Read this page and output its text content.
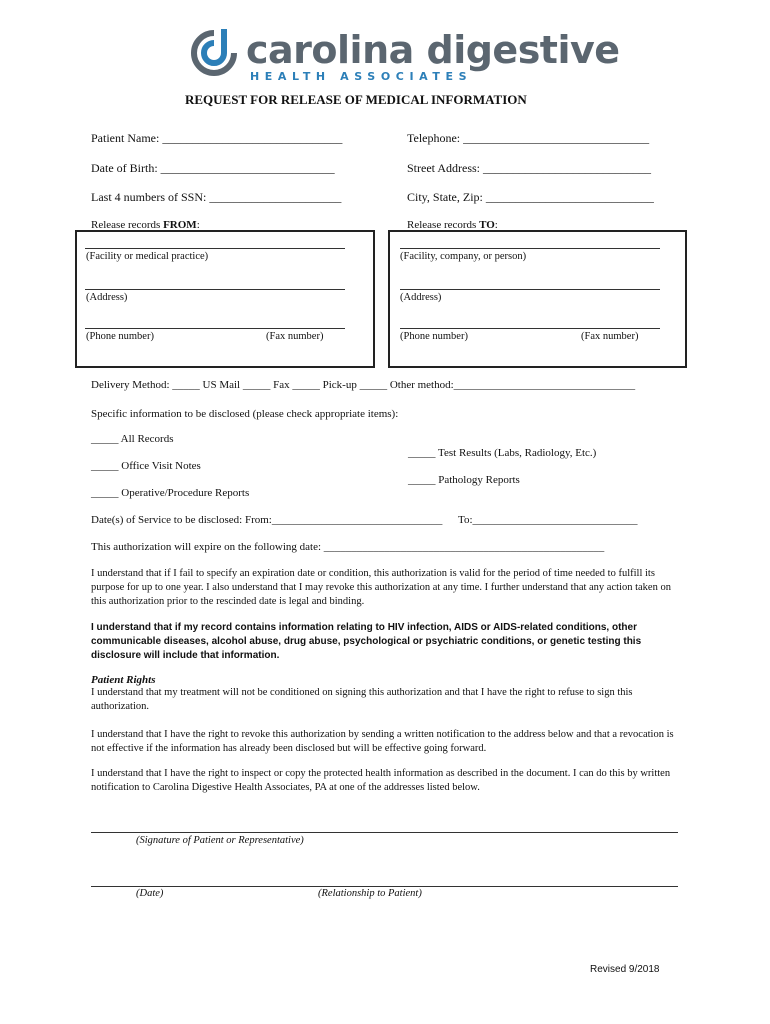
carolina digestive
HEALTH ASSOCIATES
REQUEST FOR RELEASE OF MEDICAL INFORMATION
Patient Name: ______________________________	Telephone: _______________________________
Date of Birth: _____________________________	Street Address: ____________________________
Last 4 numbers of SSN: ______________________	City, State, Zip: ____________________________
Release records FROM:	Release records TO:
(Facility or medical practice)
(Address)
(Phone number)	(Fax number)
(Facility, company, or person)
(Address)
(Phone number)	(Fax number)
Delivery Method: _____ US Mail _____ Fax _____ Pick-up _____ Other method:_________________________________
Specific information to be disclosed (please check appropriate items):
_____ All Records
_____ Test Results (Labs, Radiology, Etc.)
_____ Office Visit Notes
_____ Pathology Reports
_____ Operative/Procedure Reports
Date(s) of Service to be disclosed: From:_______________________________ To:______________________________
This authorization will expire on the following date: ___________________________________________________
I understand that if I fail to specify an expiration date or condition, this authorization is valid for the period of time needed to fulfill its purpose for up to one year. I also understand that I may revoke this authorization at any time. I further understand that any action taken on this authorization prior to the rescinded date is legal and binding.
I understand that if my record contains information relating to HIV infection, AIDS or AIDS-related conditions, other communicable diseases, alcohol abuse, drug abuse, psychological or psychiatric conditions, or genetic testing this disclosure will include that information.
Patient Rights
I understand that my treatment will not be conditioned on signing this authorization and that I have the right to refuse to sign this authorization.
I understand that I have the right to revoke this authorization by sending a written notification to the address below and that a revocation is not effective if the information has already been disclosed but will be effective going forward.
I understand that I have the right to inspect or copy the protected health information as described in the document. I can do this by written notification to Carolina Digestive Health Associates, PA at one of the addresses listed below.
(Signature of Patient or Representative)
(Date)	(Relationship to Patient)
Revised 9/2018
